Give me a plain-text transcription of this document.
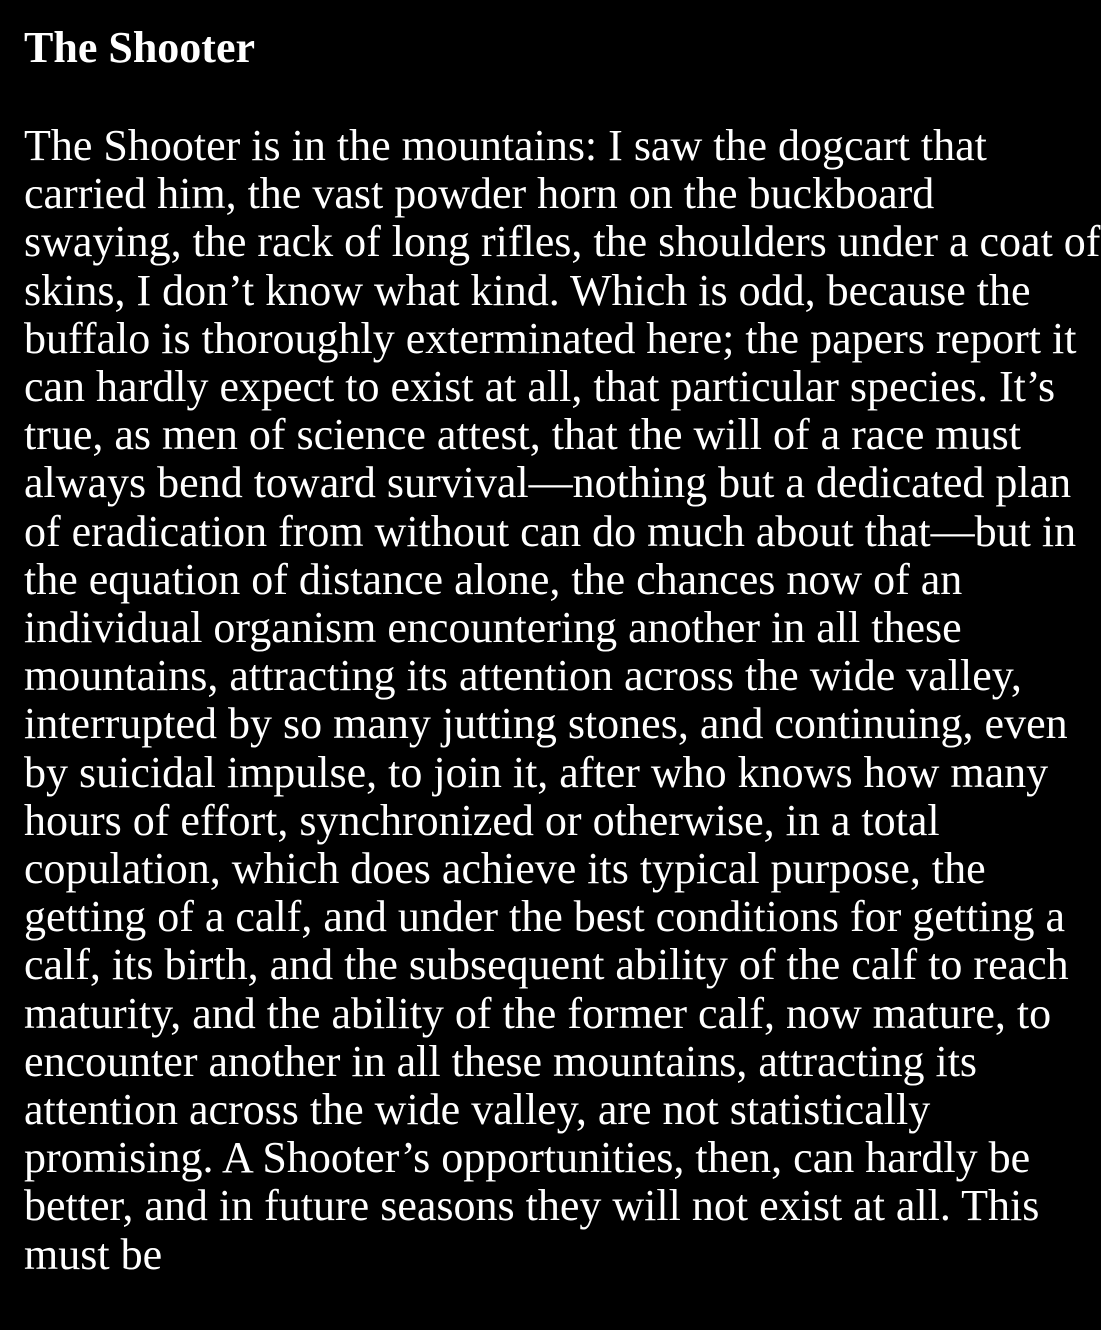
The Shooter

The Shooter is in the mountains: I saw the dogcart that carried him, the vast powder horn on the buckboard swaying, the rack of long rifles, the shoulders under a coat of skins, I don’t know what kind. Which is odd, because the buffalo is thoroughly exterminated here; the papers report it can hardly expect to exist at all, that particular species. It’s true, as men of science attest, that the will of a race must always bend toward survival—nothing but a dedicated plan of eradication from without can do much about that—but in the equation of distance alone, the chances now of an individual organism encountering another in all these mountains, attracting its attention across the wide valley, interrupted by so many jutting stones, and continuing, even by suicidal impulse, to join it, after who knows how many hours of effort, synchronized or otherwise, in a total copulation, which does achieve its typical purpose, the getting of a calf, and under the best conditions for getting a calf, its birth, and the subsequent ability of the calf to reach maturity, and the ability of the former calf, now mature, to encounter another in all these mountains, attracting its attention across the wide valley, are not statistically promising. A Shooter’s opportunities, then, can hardly be better, and in future seasons they will not exist at all. This must be
